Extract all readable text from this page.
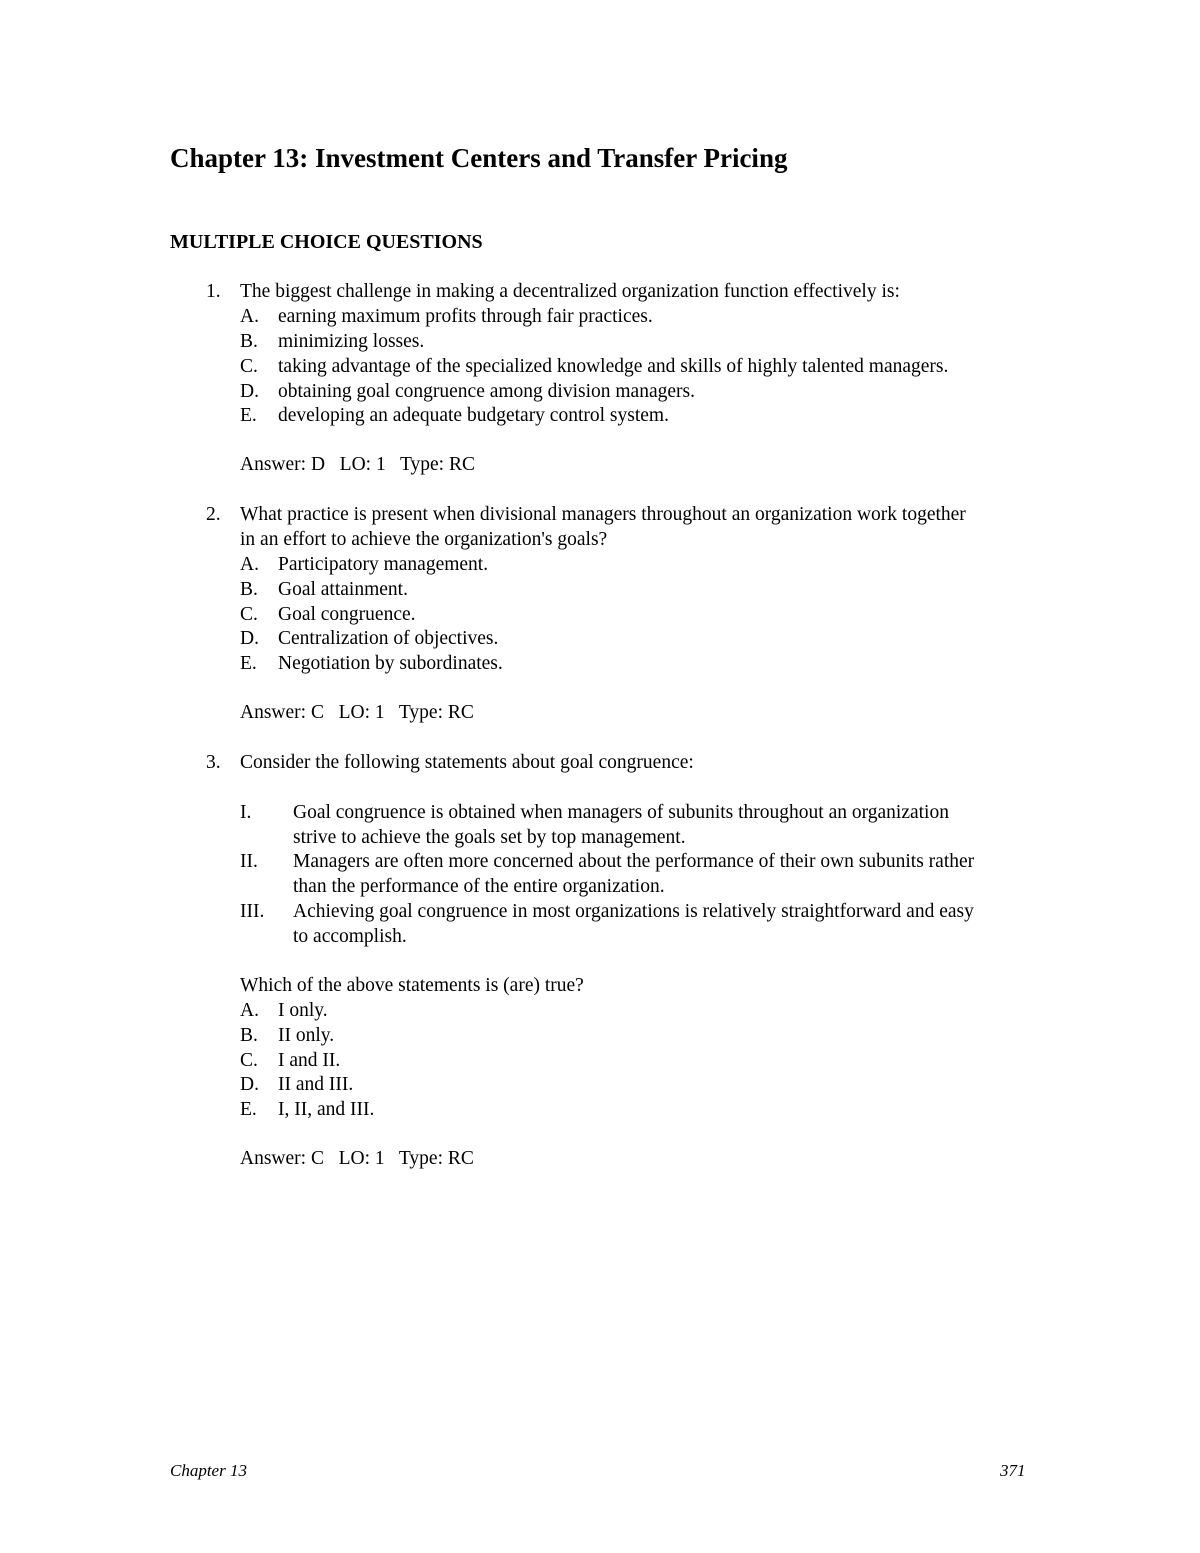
Chapter 13: Investment Centers and Transfer Pricing
MULTIPLE CHOICE QUESTIONS
1. The biggest challenge in making a decentralized organization function effectively is:
A. earning maximum profits through fair practices.
B. minimizing losses.
C. taking advantage of the specialized knowledge and skills of highly talented managers.
D. obtaining goal congruence among division managers.
E. developing an adequate budgetary control system.
Answer: D   LO: 1   Type: RC
2. What practice is present when divisional managers throughout an organization work together
in an effort to achieve the organization's goals?
A. Participatory management.
B. Goal attainment.
C. Goal congruence.
D. Centralization of objectives.
E. Negotiation by subordinates.
Answer: C   LO: 1   Type: RC
3. Consider the following statements about goal congruence:
I. Goal congruence is obtained when managers of subunits throughout an organization
strive to achieve the goals set by top management.
II. Managers are often more concerned about the performance of their own subunits rather
than the performance of the entire organization.
III. Achieving goal congruence in most organizations is relatively straightforward and easy
to accomplish.
Which of the above statements is (are) true?
A. I only.
B. II only.
C. I and II.
D. II and III.
E. I, II, and III.
Answer: C   LO: 1   Type: RC
Chapter 13	371
